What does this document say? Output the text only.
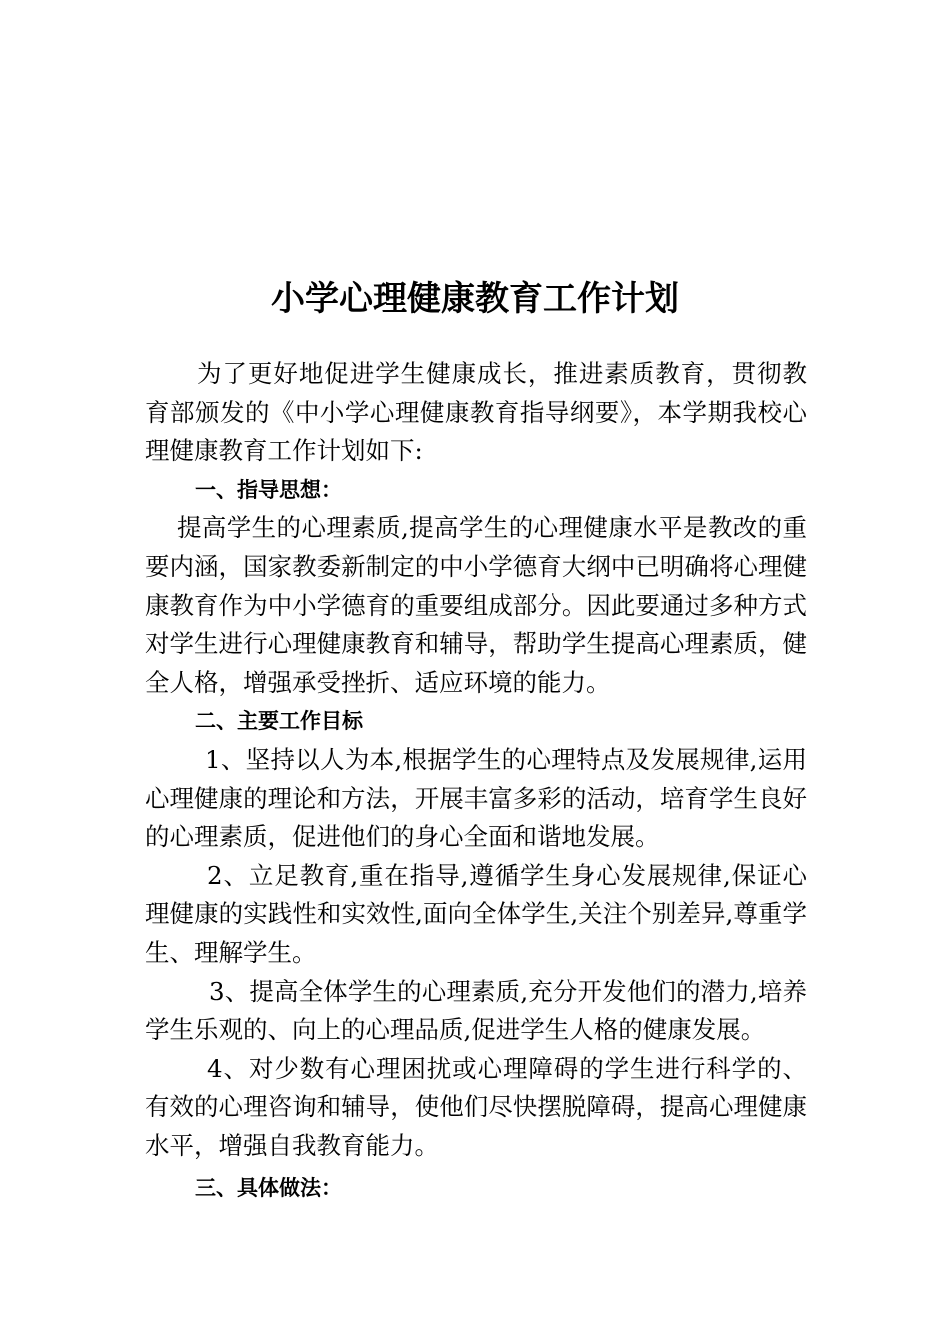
小学心理健康教育工作计划

为了更好地促进学生健康成长，推进素质教育，贯彻教育部颁发的《中小学心理健康教育指导纲要》，本学期我校心理健康教育工作计划如下:

一、指导思想：

提高学生的心理素质,提高学生的心理健康水平是教改的重要内涵，国家教委新制定的中小学德育大纲中已明确将心理健康教育作为中小学德育的重要组成部分。因此要通过多种方式对学生进行心理健康教育和辅导，帮助学生提高心理素质，健全人格，增强承受挫折、适应环境的能力。

二、主要工作目标

1、坚持以人为本,根据学生的心理特点及发展规律,运用心理健康的理论和方法，开展丰富多彩的活动，培育学生良好的心理素质，促进他们的身心全面和谐地发展。

2、立足教育,重在指导,遵循学生身心发展规律,保证心理健康的实践性和实效性,面向全体学生,关注个别差异,尊重学生、理解学生。

3、提高全体学生的心理素质,充分开发他们的潜力,培养学生乐观的、向上的心理品质,促进学生人格的健康发展。

4、对少数有心理困扰或心理障碍的学生进行科学的、有效的心理咨询和辅导，使他们尽快摆脱障碍，提高心理健康水平，增强自我教育能力。

三、具体做法：
